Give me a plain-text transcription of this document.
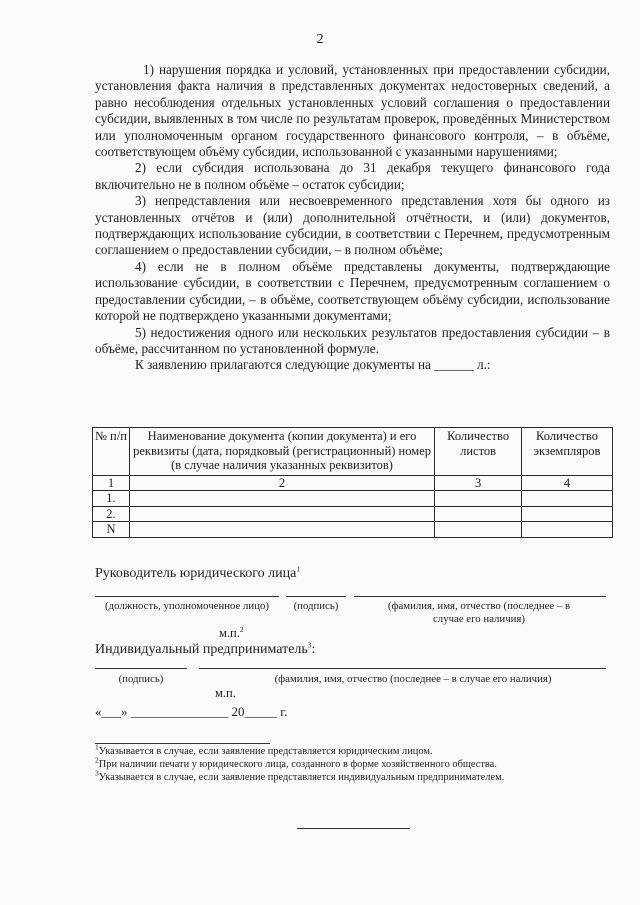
2

1) нарушения порядка и условий, установленных при предоставлении субсидии, установления факта наличия в представленных документах недостоверных сведений, а равно несоблюдения отдельных установленных условий соглашения о предоставлении субсидии, выявленных в том числе по результатам проверок, проведённых Министерством или уполномоченным органом государственного финансового контроля, – в объёме, соответствующем объёму субсидии, использованной с указанными нарушениями;

2) если субсидия использована до 31 декабря текущего финансового года включительно не в полном объёме – остаток субсидии;

3) непредставления или несвоевременного представления хотя бы одного из установленных отчётов и (или) дополнительной отчётности, и (или) документов, подтверждающих использование субсидии, в соответствии с Перечнем, предусмотренным соглашением о предоставлении субсидии, – в полном объёме;

4) если не в полном объёме представлены документы, подтверждающие использование субсидии, в соответствии с Перечнем, предусмотренным соглашением о предоставлении субсидии, – в объёме, соответствующем объёму субсидии, использование которой не подтверждено указанными документами;

5) недостижения одного или нескольких результатов предоставления субсидии – в объёме, рассчитанном по установленной формуле.

К заявлению прилагаются следующие документы на ______ л.:

№ п/п	Наименование документа (копии документа) и его реквизиты (дата, порядковый (регистрационный) номер (в случае наличия указанных реквизитов)	Количество листов	Количество экземпляров
1	2	3	4
1.			
2.			
N			
Руководитель юридического лица$^1$
(должность, уполномоченное лицо)	(подпись)	(фамилия, имя, отчество (последнее – в случае его наличия)
м.п.$^2$
Индивидуальный предприниматель$^3$:
(подпись)	(фамилия, имя, отчество (последнее – в случае его наличия)
м.п.
«___» _______________ 20_____ г.
$^1$Указывается в случае, если заявление представляется юридическим лицом.
$^2$При наличии печати у юридического лица, созданного в форме хозяйственного общества.
$^3$Указывается в случае, если заявление представляется индивидуальным предпринимателем.
